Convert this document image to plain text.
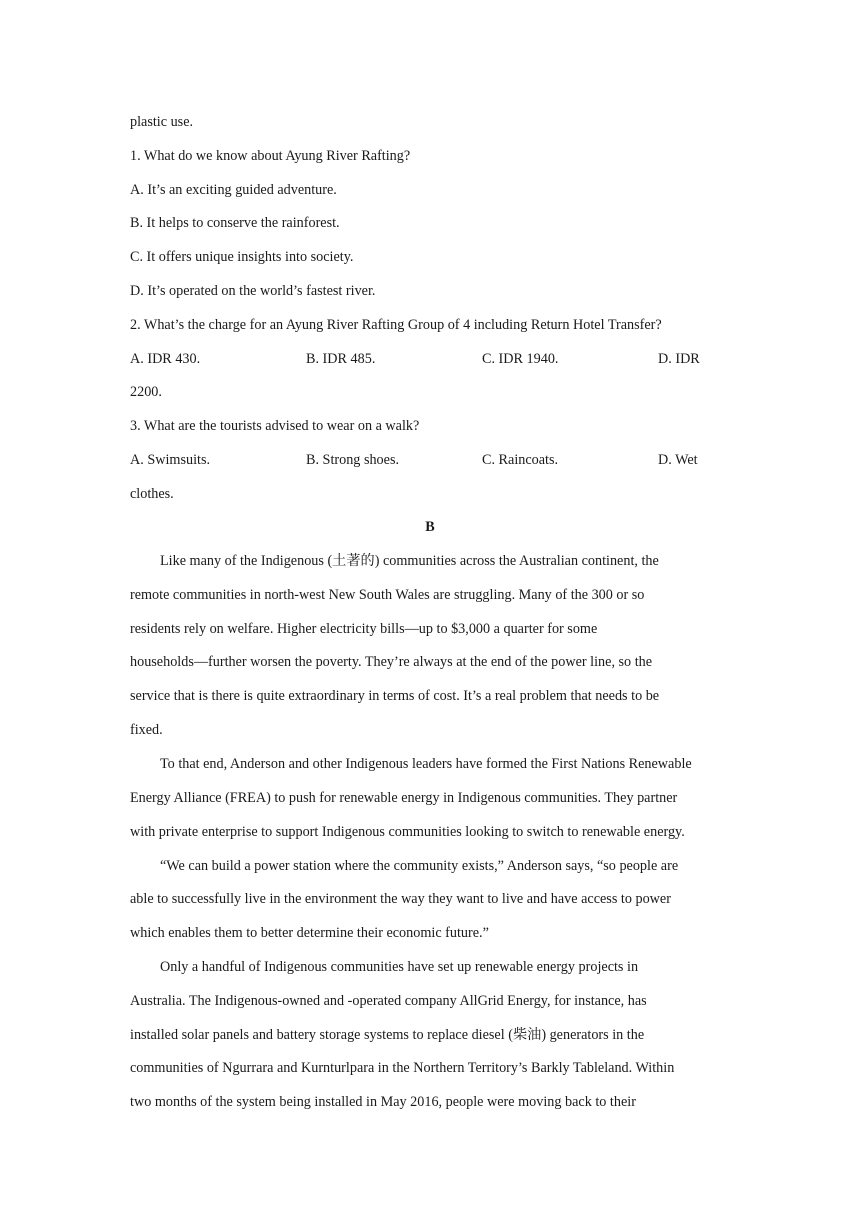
plastic use.
1. What do we know about Ayung River Rafting?
A. It’s an exciting guided adventure.
B. It helps to conserve the rainforest.
C. It offers unique insights into society.
D. It’s operated on the world’s fastest river.
2. What’s the charge for an Ayung River Rafting Group of 4 including Return Hotel Transfer?
A. IDR 430.	B. IDR 485.	C. IDR 1940.	D. IDR
2200.
3. What are the tourists advised to wear on a walk?
A. Swimsuits.	B. Strong shoes.	C. Raincoats.	D. Wet
clothes.
B
Like many of the Indigenous (土著的) communities across the Australian continent, the
remote communities in north-west New South Wales are struggling. Many of the 300 or so
residents rely on welfare. Higher electricity bills—up to $3,000 a quarter for some
households—further worsen the poverty. They’re always at the end of the power line, so the
service that is there is quite extraordinary in terms of cost. It’s a real problem that needs to be
fixed.
To that end, Anderson and other Indigenous leaders have formed the First Nations Renewable
Energy Alliance (FREA) to push for renewable energy in Indigenous communities. They partner
with private enterprise to support Indigenous communities looking to switch to renewable energy.
“We can build a power station where the community exists,” Anderson says, “so people are
able to successfully live in the environment the way they want to live and have access to power
which enables them to better determine their economic future.”
Only a handful of Indigenous communities have set up renewable energy projects in
Australia. The Indigenous-owned and -operated company AllGrid Energy, for instance, has
installed solar panels and battery storage systems to replace diesel (柴油) generators in the
communities of Ngurrara and Kurnturlpara in the Northern Territory’s Barkly Tableland. Within
two months of the system being installed in May 2016, people were moving back to their
